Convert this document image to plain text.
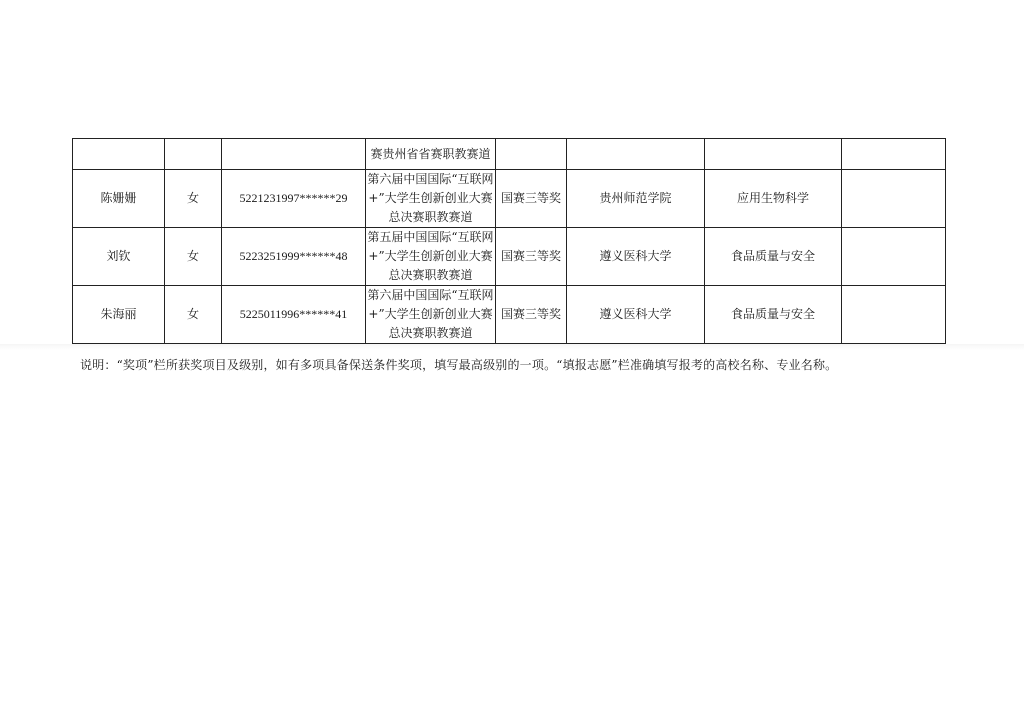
			赛贵州省省赛职教赛道				
陈姗姗	女	5221231997******29	第六届中国国际“互联网+”大学生创新创业大赛总决赛职教赛道	国赛三等奖	贵州师范学院	应用生物科学	
刘钦	女	5223251999******48	第五届中国国际“互联网+”大学生创新创业大赛总决赛职教赛道	国赛三等奖	遵义医科大学	食品质量与安全	
朱海丽	女	5225011996******41	第六届中国国际“互联网+”大学生创新创业大赛总决赛职教赛道	国赛三等奖	遵义医科大学	食品质量与安全	
说明：“奖项”栏所获奖项目及级别，如有多项具备保送条件奖项，填写最高级别的一项。“填报志愿”栏准确填写报考的高校名称、专业名称。
